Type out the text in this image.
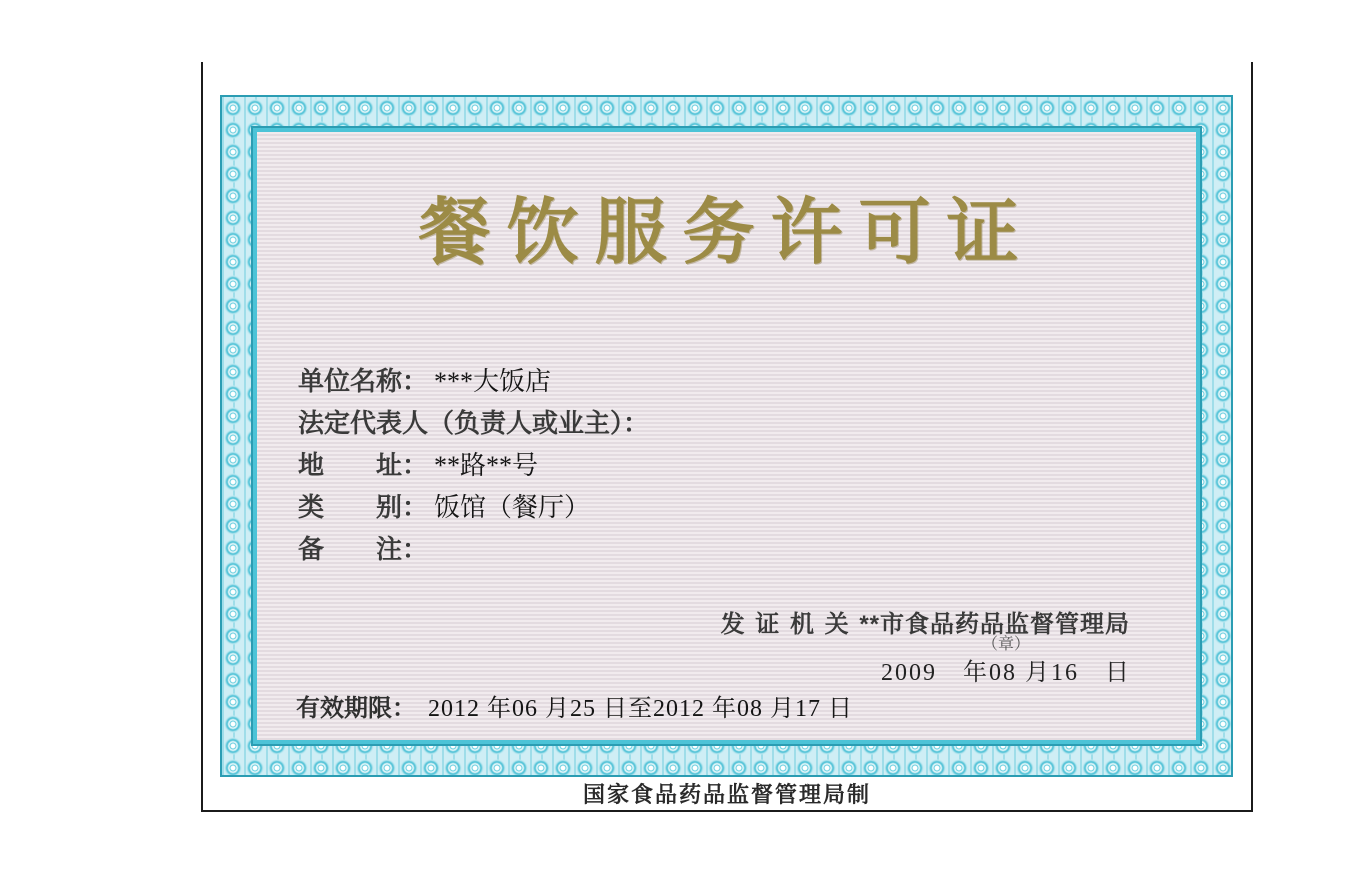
餐饮服务许可证
单位名称： ***大饭店
法定代表人（负责人或业主）：
地　　址： **路**号
类　　别： 饭馆（餐厅）
备　　注：
发 证 机 关 **市食品药品监督管理局
（章）
2009　年08 月16　日
有效期限： 2012 年06 月25 日至2012 年08 月17 日
国家食品药品监督管理局制
